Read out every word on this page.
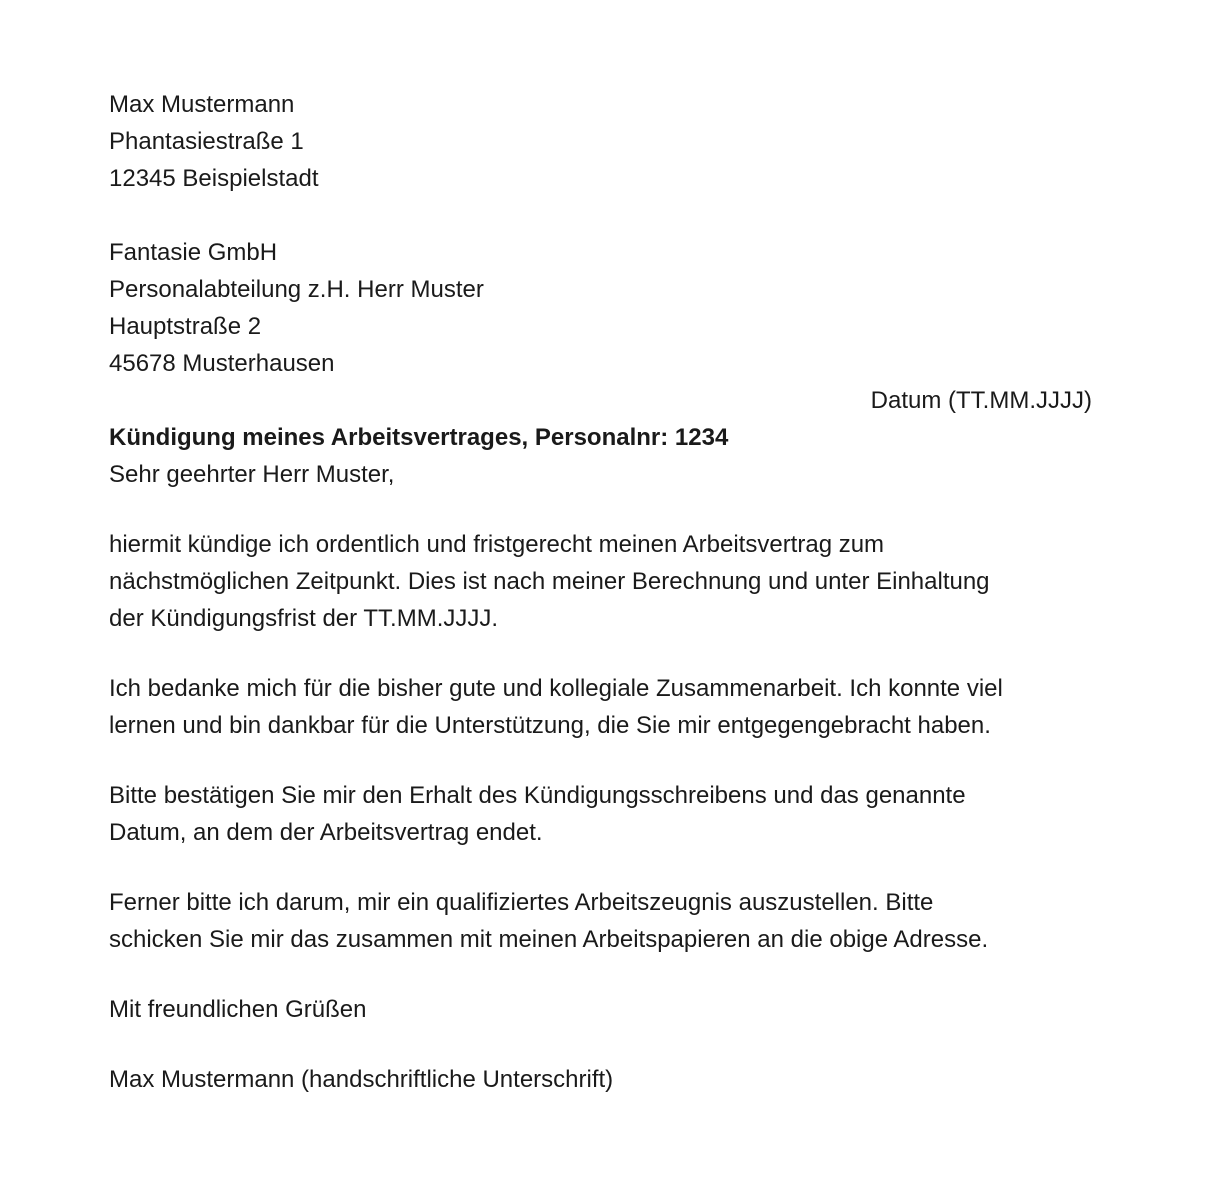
Max Mustermann
Phantasiestraße 1
12345 Beispielstadt
Fantasie GmbH
Personalabteilung z.H. Herr Muster
Hauptstraße 2
45678 Musterhausen
Datum (TT.MM.JJJJ)
Kündigung meines Arbeitsvertrages, Personalnr: 1234
Sehr geehrter Herr Muster,
hiermit kündige ich ordentlich und fristgerecht meinen Arbeitsvertrag zum
nächstmöglichen Zeitpunkt. Dies ist nach meiner Berechnung und unter Einhaltung
der Kündigungsfrist der TT.MM.JJJJ.
Ich bedanke mich für die bisher gute und kollegiale Zusammenarbeit. Ich konnte viel
lernen und bin dankbar für die Unterstützung, die Sie mir entgegengebracht haben.
Bitte bestätigen Sie mir den Erhalt des Kündigungsschreibens und das genannte
Datum, an dem der Arbeitsvertrag endet.
Ferner bitte ich darum, mir ein qualifiziertes Arbeitszeugnis auszustellen. Bitte
schicken Sie mir das zusammen mit meinen Arbeitspapieren an die obige Adresse.
Mit freundlichen Grüßen
Max Mustermann (handschriftliche Unterschrift)
